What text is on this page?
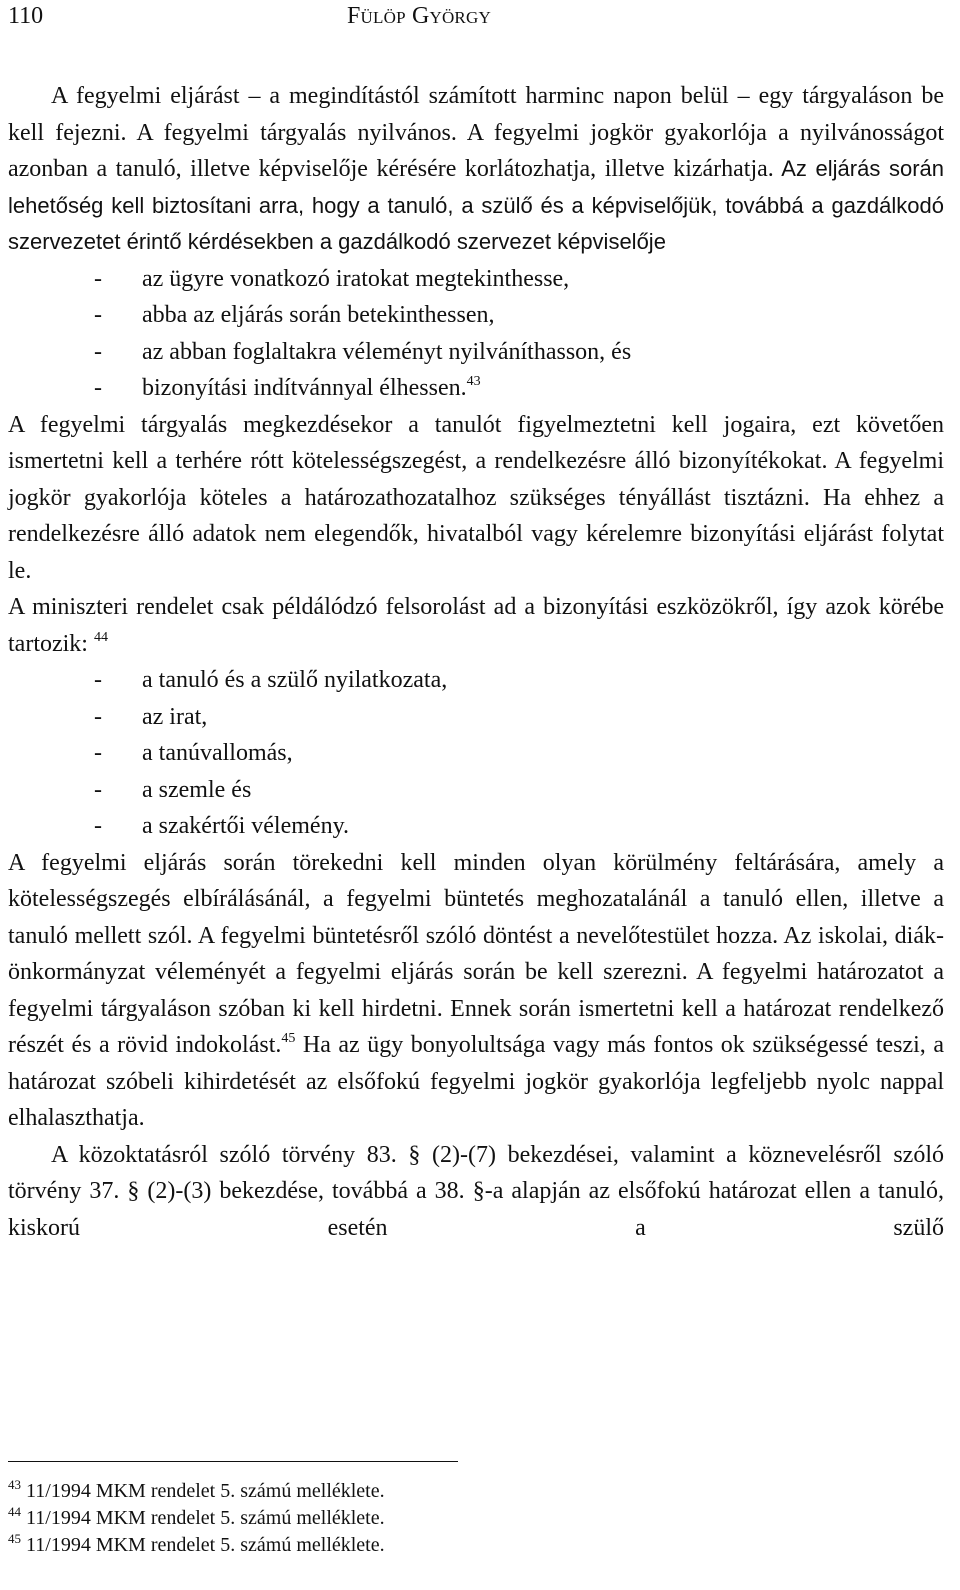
110	Fülöp György

A fegyelmi eljárást – a megindítástól számított harminc napon belül – egy tárgyaláson be kell fejezni. A fegyelmi tárgyalás nyilvános. A fegyelmi jogkör gyakorlója a nyilvánosságot azonban a tanuló, illetve képviselője kérésére korlátozhatja, illetve kizárhatja. Az eljárás során lehetőség kell biztosítani arra, hogy a tanuló, a szülő és a képviselőjük, továbbá a gazdálkodó szervezetet érintő kérdésekben a gazdálkodó szervezet képviselője

- az ügyre vonatkozó iratokat megtekinthesse,
- abba az eljárás során betekinthessen,
- az abban foglaltakra véleményt nyilváníthasson, és
- bizonyítási indítvánnyal élhessen.$^{43}$

A fegyelmi tárgyalás megkezdésekor a tanulót figyelmeztetni kell jogaira, ezt követően ismertetni kell a terhére rótt kötelességszegést, a rendelkezésre álló bizonyítékokat. A fegyelmi jogkör gyakorlója köteles a határozathozatalhoz szükséges tényállást tisztázni. Ha ehhez a rendelkezésre álló adatok nem elegendők, hivatalból vagy kérelemre bizonyítási eljárást folytat le.

A miniszteri rendelet csak példálódzó felsorolást ad a bizonyítási eszközökről, így azok körébe tartozik: $^{44}$

- a tanuló és a szülő nyilatkozata,
- az irat,
- a tanúvallomás,
- a szemle és
- a szakértői vélemény.

A fegyelmi eljárás során törekedni kell minden olyan körülmény feltárására, amely a kötelességszegés elbírálásánál, a fegyelmi büntetés meghozatalánál a tanuló ellen, illetve a tanuló mellett szól. A fegyelmi büntetésről szóló döntést a nevelőtestület hozza. Az iskolai, diák-önkormányzat véleményét a fegyelmi eljárás során be kell szerezni. A fegyelmi határozatot a fegyelmi tárgyaláson szóban ki kell hirdetni. Ennek során ismertetni kell a határozat rendelkező részét és a rövid indokolást.$^{45}$ Ha az ügy bonyolultsága vagy más fontos ok szükségessé teszi, a határozat szóbeli kihirdetését az elsőfokú fegyelmi jogkör gyakorlója legfeljebb nyolc nappal elhalaszthatja.

A közoktatásról szóló törvény 83. § (2)-(7) bekezdései, valamint a köznevelésről szóló törvény 37. § (2)-(3) bekezdése, továbbá a 38. §-a alapján az elsőfokú határozat ellen a tanuló, kiskorú esetén a szülő

$^{43}$ 11/1994 MKM rendelet 5. számú melléklete.

$^{44}$ 11/1994 MKM rendelet 5. számú melléklete.

$^{45}$ 11/1994 MKM rendelet 5. számú melléklete.
